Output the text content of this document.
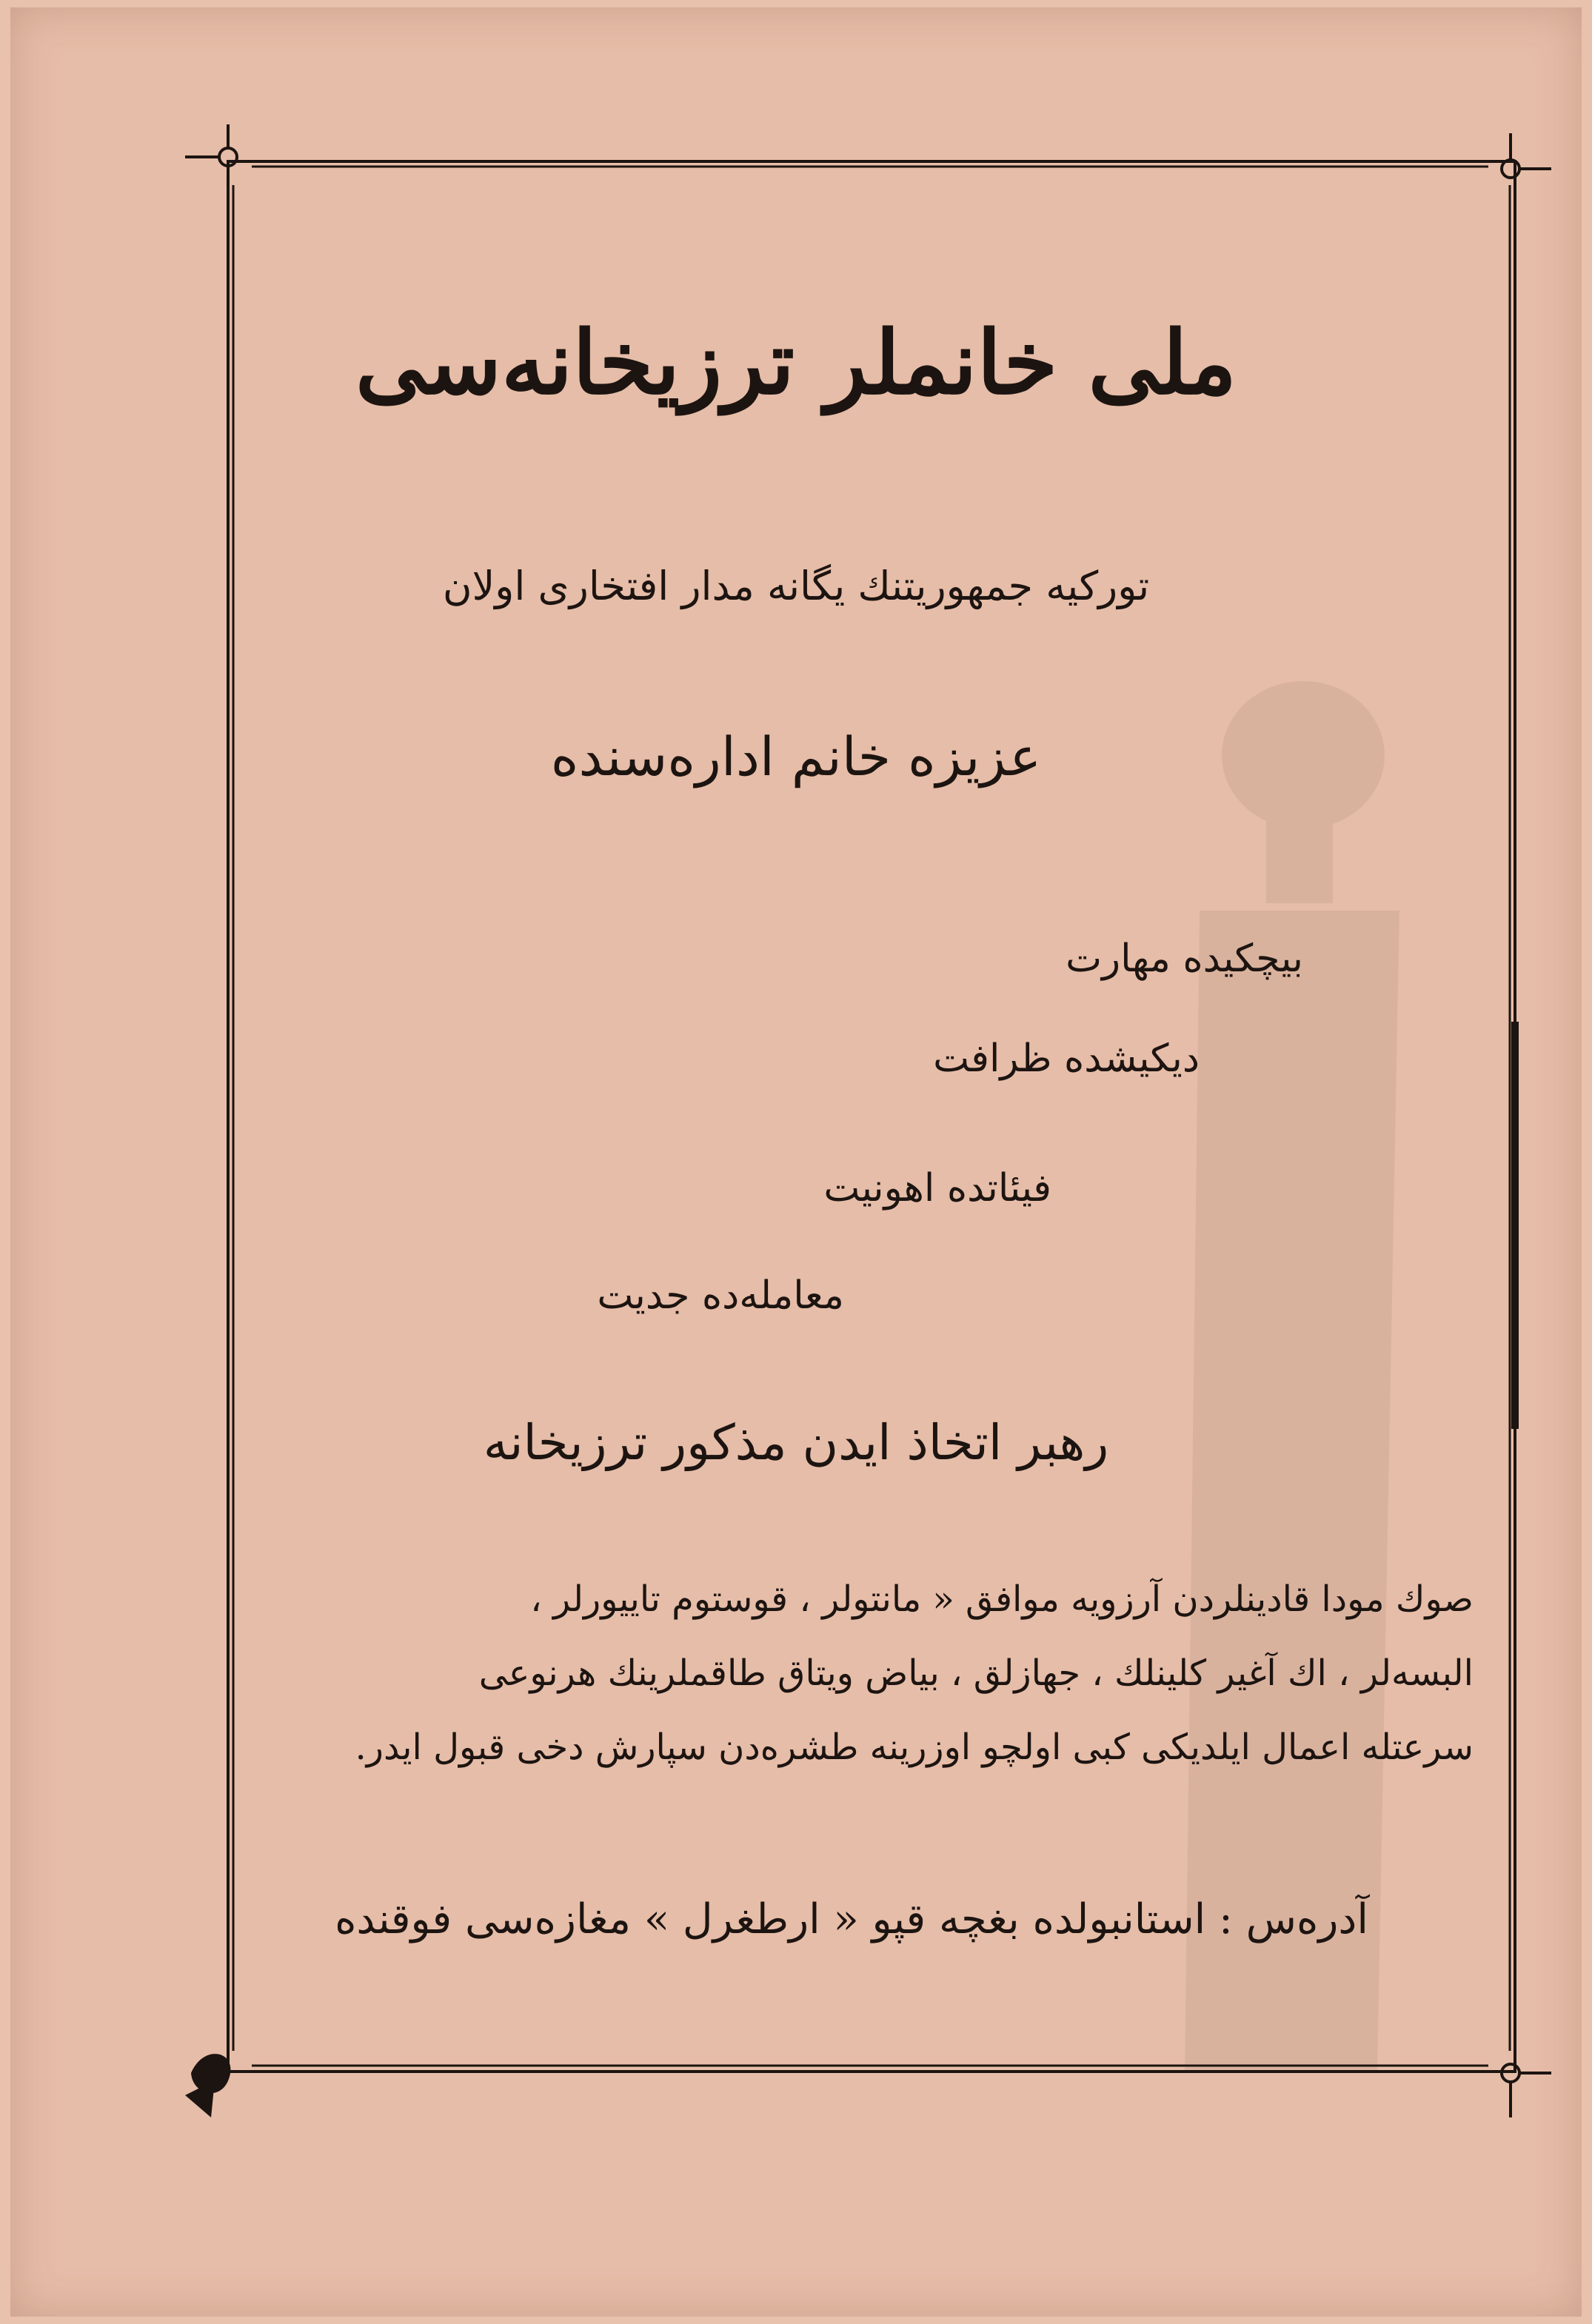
ملی خانملر ترزیخانه‌سی
تورکیه جمهوریتنك یگانه مدار افتخاری اولان
عزیزه خانم اداره‌سنده
بیچکیده مهارت
دیکیشده ظرافت
فیئاتده اهونیت
معامله‌ده جدیت
رهبر اتخاذ ایدن مذکور ترزیخانه
صوك مودا قادینلردن آرزویه موافق « مانتولر ، قوستوم تاییورلر ،
البسه‌لر ، اك آغیر كلینلك ، جهازلق ، بیاض ویتاق طاقملرینك هرنوعی
سرعتله اعمال ایلدیكی كبی اولچو اوزرینه طشره‌دن سپارش دخی قبول ایدر.
آدره‌س : استانبولده بغچه قپو « ارطغرل » مغازه‌سی فوقنده
